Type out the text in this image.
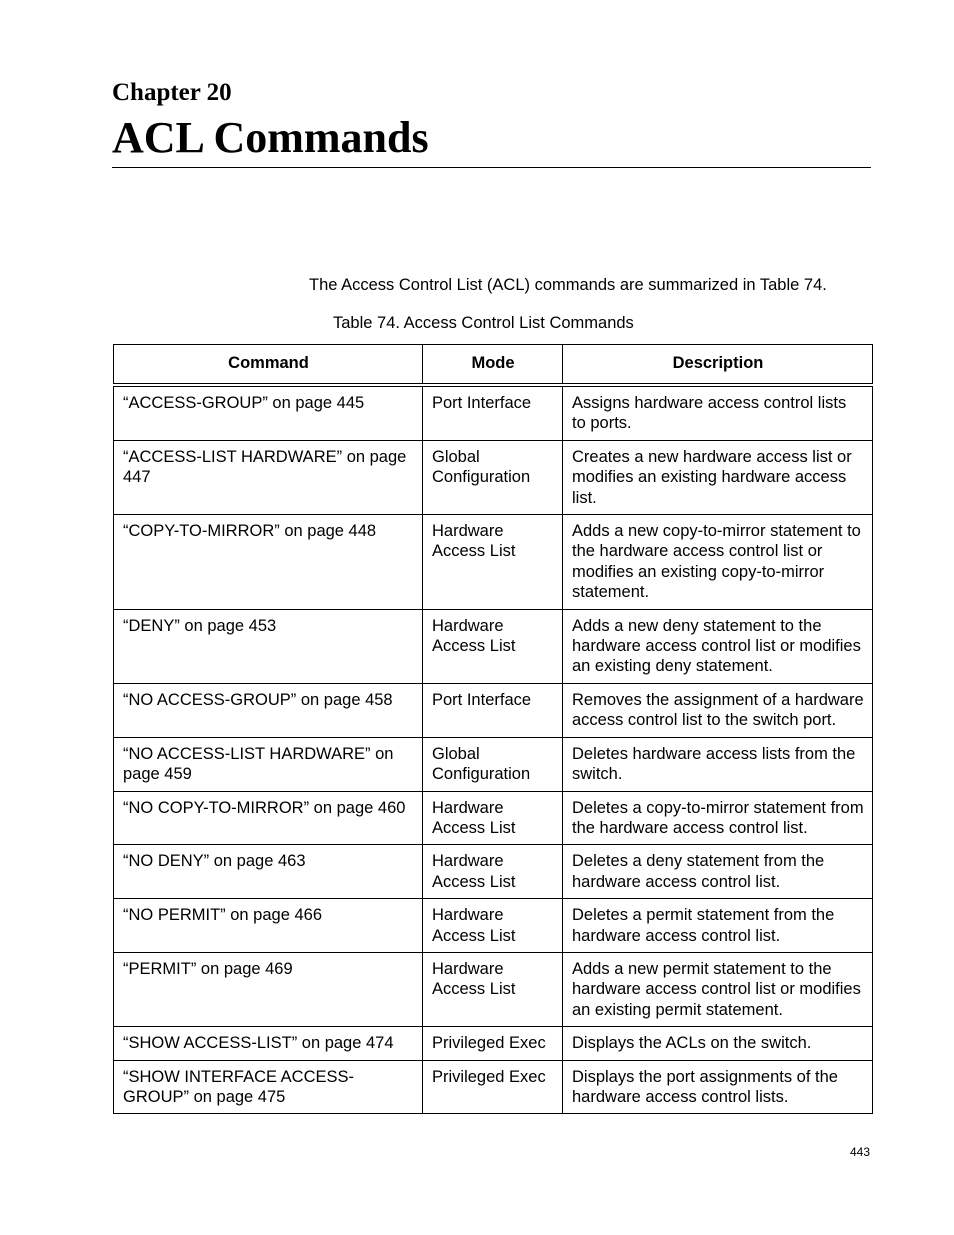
Chapter 20
ACL Commands
The Access Control List (ACL) commands are summarized in Table 74.
Table 74. Access Control List Commands
Command	Mode	Description
“ACCESS-GROUP” on page 445	Port Interface	Assigns hardware access control lists to ports.
“ACCESS-LIST HARDWARE” on page 447	Global Configuration	Creates a new hardware access list or modifies an existing hardware access list.
“COPY-TO-MIRROR” on page 448	Hardware Access List	Adds a new copy-to-mirror statement to the hardware access control list or modifies an existing copy-to-mirror statement.
“DENY” on page 453	Hardware Access List	Adds a new deny statement to the hardware access control list or modifies an existing deny statement.
“NO ACCESS-GROUP” on page 458	Port Interface	Removes the assignment of a hardware access control list to the switch port.
“NO ACCESS-LIST HARDWARE” on page 459	Global Configuration	Deletes hardware access lists from the switch.
“NO COPY-TO-MIRROR” on page 460	Hardware Access List	Deletes a copy-to-mirror statement from the hardware access control list.
“NO DENY” on page 463	Hardware Access List	Deletes a deny statement from the hardware access control list.
“NO PERMIT” on page 466	Hardware Access List	Deletes a permit statement from the hardware access control list.
“PERMIT” on page 469	Hardware Access List	Adds a new permit statement to the hardware access control list or modifies an existing permit statement.
“SHOW ACCESS-LIST” on page 474	Privileged Exec	Displays the ACLs on the switch.
“SHOW INTERFACE ACCESS-GROUP” on page 475	Privileged Exec	Displays the port assignments of the hardware access control lists.
443
